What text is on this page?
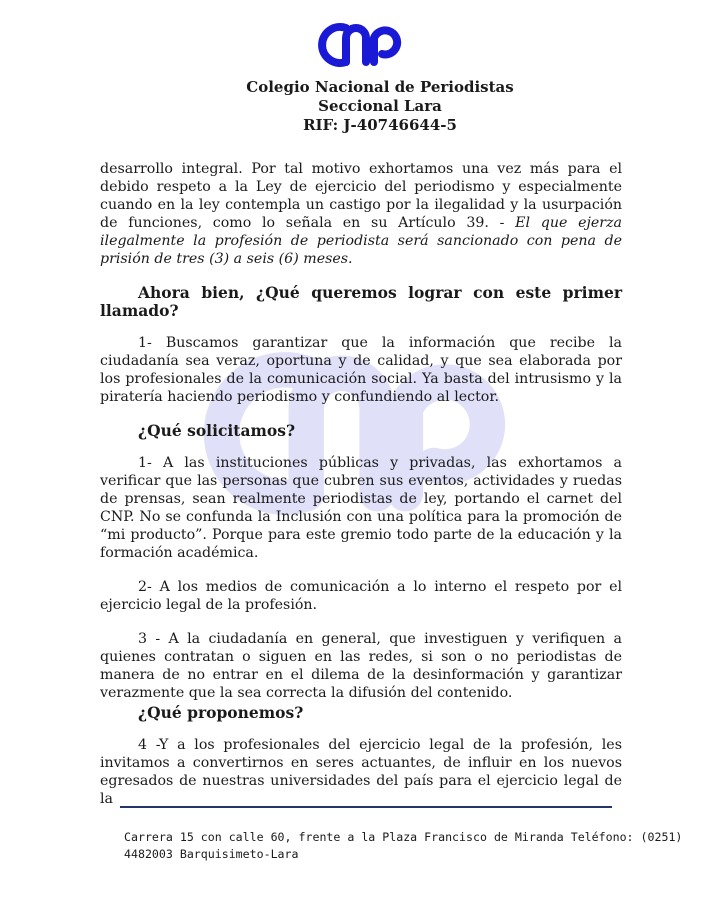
Colegio Nacional de Periodistas
Seccional Lara
RIF: J-40746644-5

desarrollo integral. Por tal motivo exhortamos una vez más para el debido respeto a la Ley de ejercicio del periodismo y especialmente cuando en la ley contempla un castigo por la ilegalidad y la usurpación de funciones, como lo señala en su Artículo 39. - El que ejerza ilegalmente la profesión de periodista será sancionado con pena de prisión de tres (3) a seis (6) meses.

Ahora bien, ¿Qué queremos lograr con este primer llamado?

1- Buscamos garantizar que la información que recibe la ciudadanía sea veraz, oportuna y de calidad, y que sea elaborada por los profesionales de la comunicación social. Ya basta del intrusismo y la piratería haciendo periodismo y confundiendo al lector.

¿Qué solicitamos?

1- A las instituciones públicas y privadas, las exhortamos a verificar que las personas que cubren sus eventos, actividades y ruedas de prensas, sean realmente periodistas de ley, portando el carnet del CNP. No se confunda la Inclusión con una política para la promoción de “mi producto”. Porque para este gremio todo parte de la educación y la formación académica.

2- A los medios de comunicación a lo interno el respeto por el ejercicio legal de la profesión.

3 - A la ciudadanía en general, que investiguen y verifiquen a quienes contratan o siguen en las redes, si son o no periodistas de manera de no entrar en el dilema de la desinformación y garantizar verazmente que la sea correcta la difusión del contenido.

¿Qué proponemos?

4 -Y a los profesionales del ejercicio legal de la profesión, les invitamos a convertirnos en seres actuantes, de influir en los nuevos egresados de nuestras universidades del país para el ejercicio legal de la

Carrera 15 con calle 60, frente a la Plaza Francisco de Miranda Teléfono: (0251)
4482003 Barquisimeto-Lara
